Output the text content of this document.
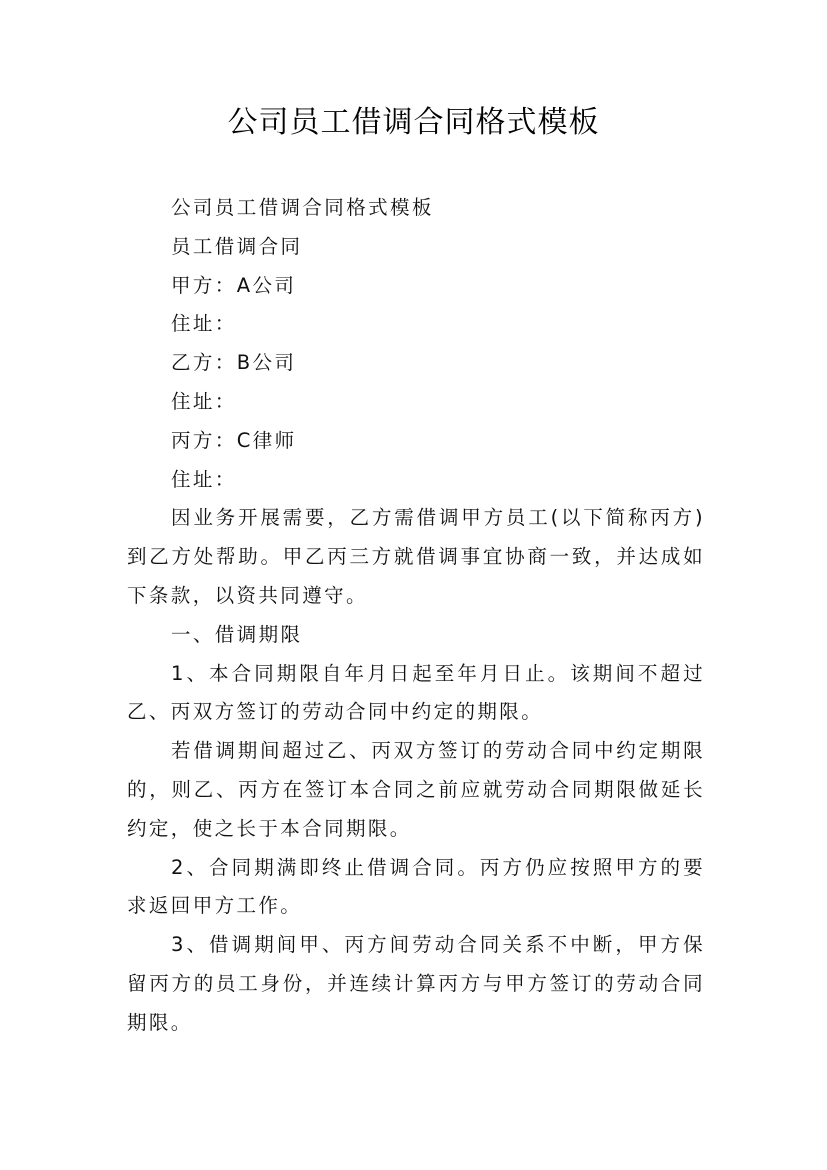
公司员工借调合同格式模板

公司员工借调合同格式模板

员工借调合同

甲方：A公司

住址：

乙方：B公司

住址：

丙方：C律师

住址：

因业务开展需要，乙方需借调甲方员工(以下简称丙方)到乙方处帮助。甲乙丙三方就借调事宜协商一致，并达成如下条款，以资共同遵守。

一、借调期限

1、本合同期限自年月日起至年月日止。该期间不超过乙、丙双方签订的劳动合同中约定的期限。

若借调期间超过乙、丙双方签订的劳动合同中约定期限的，则乙、丙方在签订本合同之前应就劳动合同期限做延长约定，使之长于本合同期限。

2、合同期满即终止借调合同。丙方仍应按照甲方的要求返回甲方工作。

3、借调期间甲、丙方间劳动合同关系不中断，甲方保留丙方的员工身份，并连续计算丙方与甲方签订的劳动合同期限。
